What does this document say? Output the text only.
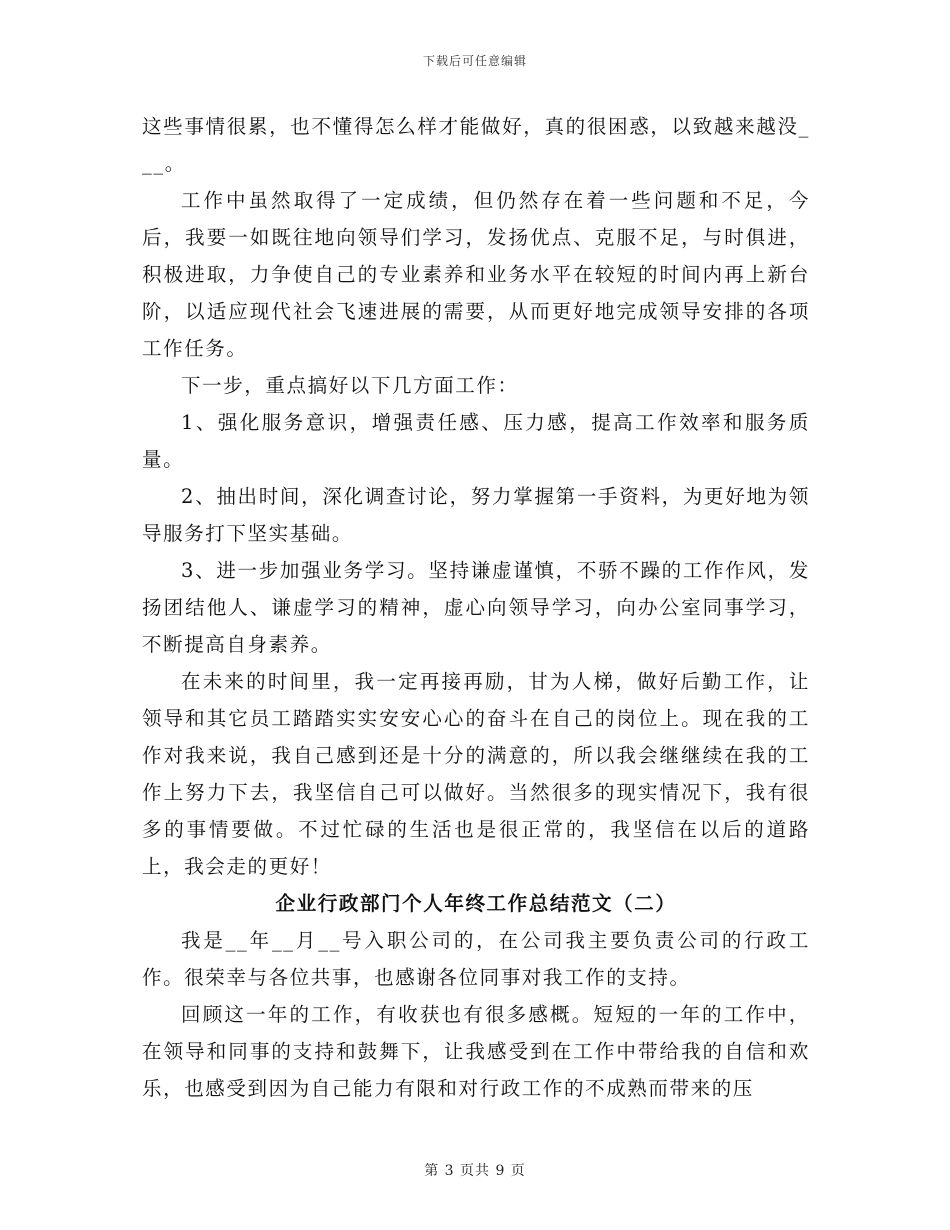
下载后可任意编辑

这些事情很累，也不懂得怎么样才能做好，真的很困惑，以致越来越没___。

工作中虽然取得了一定成绩，但仍然存在着一些问题和不足，今后，我要一如既往地向领导们学习，发扬优点、克服不足，与时俱进，积极进取，力争使自己的专业素养和业务水平在较短的时间内再上新台阶，以适应现代社会飞速进展的需要，从而更好地完成领导安排的各项工作任务。

下一步，重点搞好以下几方面工作：

1、强化服务意识，增强责任感、压力感，提高工作效率和服务质量。

2、抽出时间，深化调查讨论，努力掌握第一手资料，为更好地为领导服务打下坚实基础。

3、进一步加强业务学习。坚持谦虚谨慎，不骄不躁的工作作风，发扬团结他人、谦虚学习的精神，虚心向领导学习，向办公室同事学习，不断提高自身素养。

在未来的时间里，我一定再接再励，甘为人梯，做好后勤工作，让领导和其它员工踏踏实实安安心心的奋斗在自己的岗位上。现在我的工作对我来说，我自己感到还是十分的满意的，所以我会继继续在我的工作上努力下去，我坚信自己可以做好。当然很多的现实情况下，我有很多的事情要做。不过忙碌的生活也是很正常的，我坚信在以后的道路上，我会走的更好！

企业行政部门个人年终工作总结范文（二）

我是__年__月__号入职公司的，在公司我主要负责公司的行政工作。很荣幸与各位共事，也感谢各位同事对我工作的支持。

回顾这一年的工作，有收获也有很多感概。短短的一年的工作中，在领导和同事的支持和鼓舞下，让我感受到在工作中带给我的自信和欢乐，也感受到因为自己能力有限和对行政工作的不成熟而带来的压

第 3 页共 9 页
